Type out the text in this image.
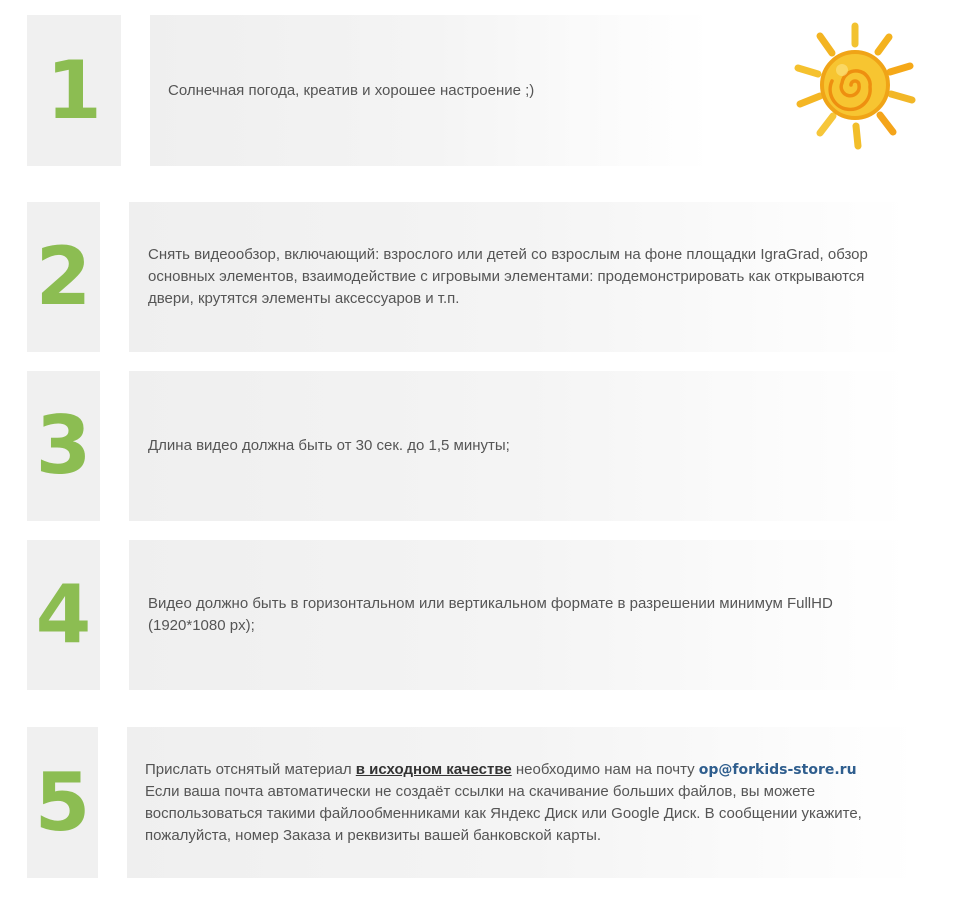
1	Солнечная погода, креатив и хорошее настроение ;)
2	Снять видеообзор, включающий: взрослого или детей со взрослым на фоне площадки IgraGrad, обзор основных элементов, взаимодействие с игровыми элементами: продемонстрировать как открываются двери, крутятся элементы аксессуаров и т.п.
3	Длина видео должна быть от 30 сек. до 1,5 минуты;
4	Видео должно быть в горизонтальном или вертикальном формате в разрешении минимум FullHD (1920*1080 px);
5	Прислать отснятый материал в исходном качестве необходимо нам на почту op@forkids-store.ru Если ваша почта автоматически не создаёт ссылки на скачивание больших файлов, вы можете воспользоваться такими файлообменниками как Яндекс Диск или Google Диск. В сообщении укажите, пожалуйста, номер Заказа и реквизиты вашей банковской карты.
